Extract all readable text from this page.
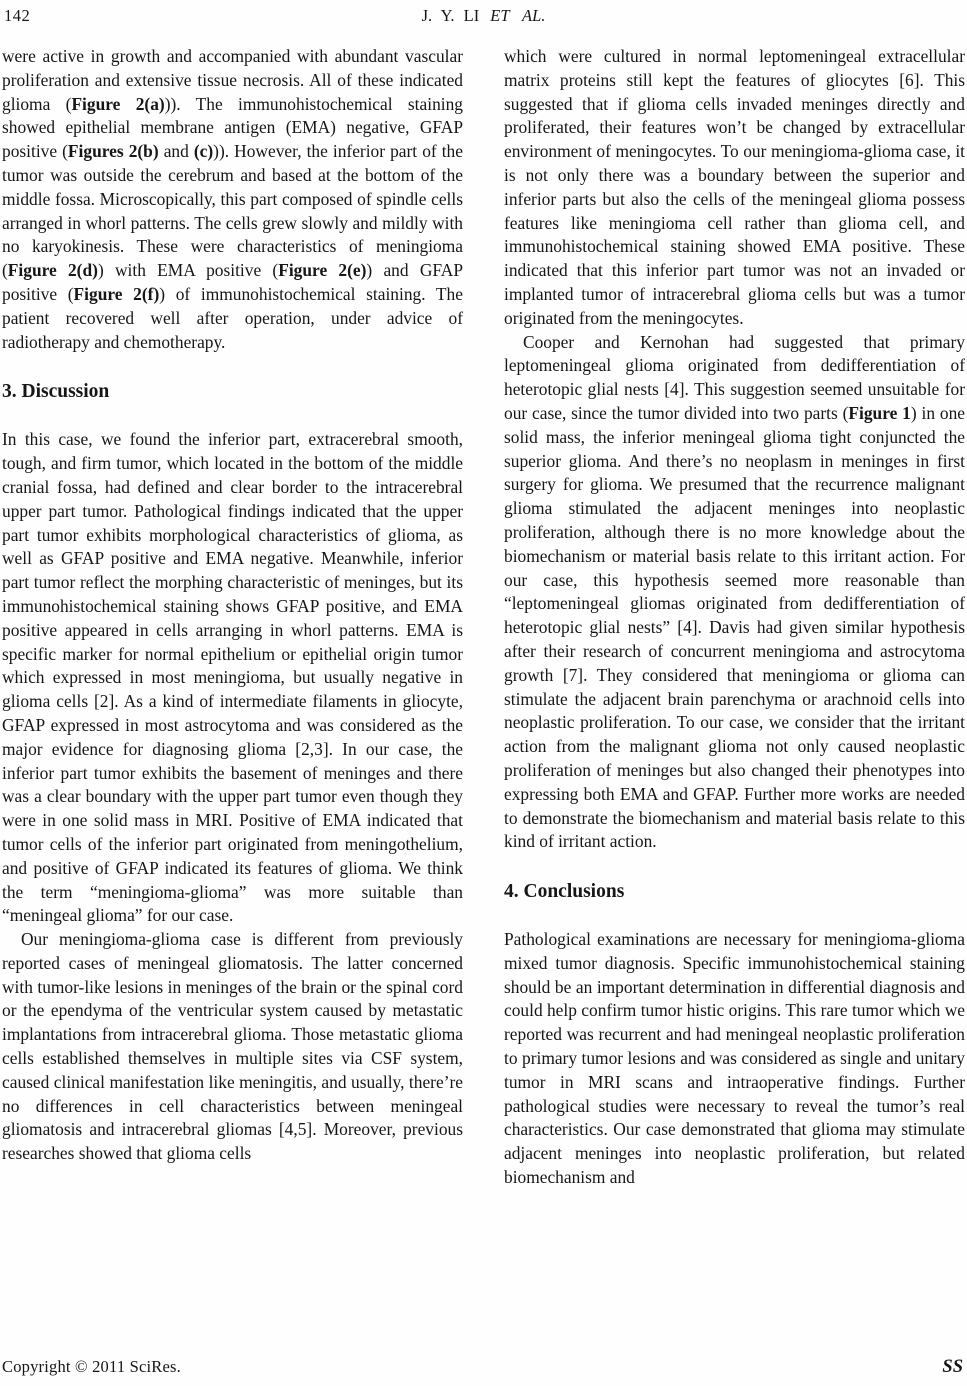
142	J. Y. LI ET AL.

were active in growth and accompanied with abundant vascular proliferation and extensive tissue necrosis. All of these indicated glioma (Figure 2(a))). The immunohistochemical staining showed epithelial membrane antigen (EMA) negative, GFAP positive (Figures 2(b) and (c))). However, the inferior part of the tumor was outside the cerebrum and based at the bottom of the middle fossa. Microscopically, this part composed of spindle cells arranged in whorl patterns. The cells grew slowly and mildly with no karyokinesis. These were characteristics of meningioma (Figure 2(d)) with EMA positive (Figure 2(e)) and GFAP positive (Figure 2(f)) of immunohistochemical staining. The patient recovered well after operation, under advice of radiotherapy and chemotherapy.

3. Discussion

In this case, we found the inferior part, extracerebral smooth, tough, and firm tumor, which located in the bottom of the middle cranial fossa, had defined and clear border to the intracerebral upper part tumor. Pathological findings indicated that the upper part tumor exhibits morphological characteristics of glioma, as well as GFAP positive and EMA negative. Meanwhile, inferior part tumor reflect the morphing characteristic of meninges, but its immunohistochemical staining shows GFAP positive, and EMA positive appeared in cells arranging in whorl patterns. EMA is specific marker for normal epithelium or epithelial origin tumor which expressed in most meningioma, but usually negative in glioma cells [2]. As a kind of intermediate filaments in gliocyte, GFAP expressed in most astrocytoma and was considered as the major evidence for diagnosing glioma [2,3]. In our case, the inferior part tumor exhibits the basement of meninges and there was a clear boundary with the upper part tumor even though they were in one solid mass in MRI. Positive of EMA indicated that tumor cells of the inferior part originated from meningothelium, and positive of GFAP indicated its features of glioma. We think the term “meningioma-glioma” was more suitable than “meningeal glioma” for our case.

Our meningioma-glioma case is different from previously reported cases of meningeal gliomatosis. The latter concerned with tumor-like lesions in meninges of the brain or the spinal cord or the ependyma of the ventricular system caused by metastatic implantations from intracerebral glioma. Those metastatic glioma cells established themselves in multiple sites via CSF system, caused clinical manifestation like meningitis, and usually, there’re no differences in cell characteristics between meningeal gliomatosis and intracerebral gliomas [4,5]. Moreover, previous researches showed that glioma cells

which were cultured in normal leptomeningeal extracellular matrix proteins still kept the features of gliocytes [6]. This suggested that if glioma cells invaded meninges directly and proliferated, their features won’t be changed by extracellular environment of meningocytes. To our meningioma-glioma case, it is not only there was a boundary between the superior and inferior parts but also the cells of the meningeal glioma possess features like meningioma cell rather than glioma cell, and immunohistochemical staining showed EMA positive. These indicated that this inferior part tumor was not an invaded or implanted tumor of intracerebral glioma cells but was a tumor originated from the meningocytes.

Cooper and Kernohan had suggested that primary leptomeningeal glioma originated from dedifferentiation of heterotopic glial nests [4]. This suggestion seemed unsuitable for our case, since the tumor divided into two parts (Figure 1) in one solid mass, the inferior meningeal glioma tight conjuncted the superior glioma. And there’s no neoplasm in meninges in first surgery for glioma. We presumed that the recurrence malignant glioma stimulated the adjacent meninges into neoplastic proliferation, although there is no more knowledge about the biomechanism or material basis relate to this irritant action. For our case, this hypothesis seemed more reasonable than “leptomeningeal gliomas originated from dedifferentiation of heterotopic glial nests” [4]. Davis had given similar hypothesis after their research of concurrent meningioma and astrocytoma growth [7]. They considered that meningioma or glioma can stimulate the adjacent brain parenchyma or arachnoid cells into neoplastic proliferation. To our case, we consider that the irritant action from the malignant glioma not only caused neoplastic proliferation of meninges but also changed their phenotypes into expressing both EMA and GFAP. Further more works are needed to demonstrate the biomechanism and material basis relate to this kind of irritant action.

4. Conclusions

Pathological examinations are necessary for meningioma-glioma mixed tumor diagnosis. Specific immunohistochemical staining should be an important determination in differential diagnosis and could help confirm tumor histic origins. This rare tumor which we reported was recurrent and had meningeal neoplastic proliferation to primary tumor lesions and was considered as single and unitary tumor in MRI scans and intraoperative findings. Further pathological studies were necessary to reveal the tumor’s real characteristics. Our case demonstrated that glioma may stimulate adjacent meninges into neoplastic proliferation, but related biomechanism and

Copyright © 2011 SciRes.	SS
